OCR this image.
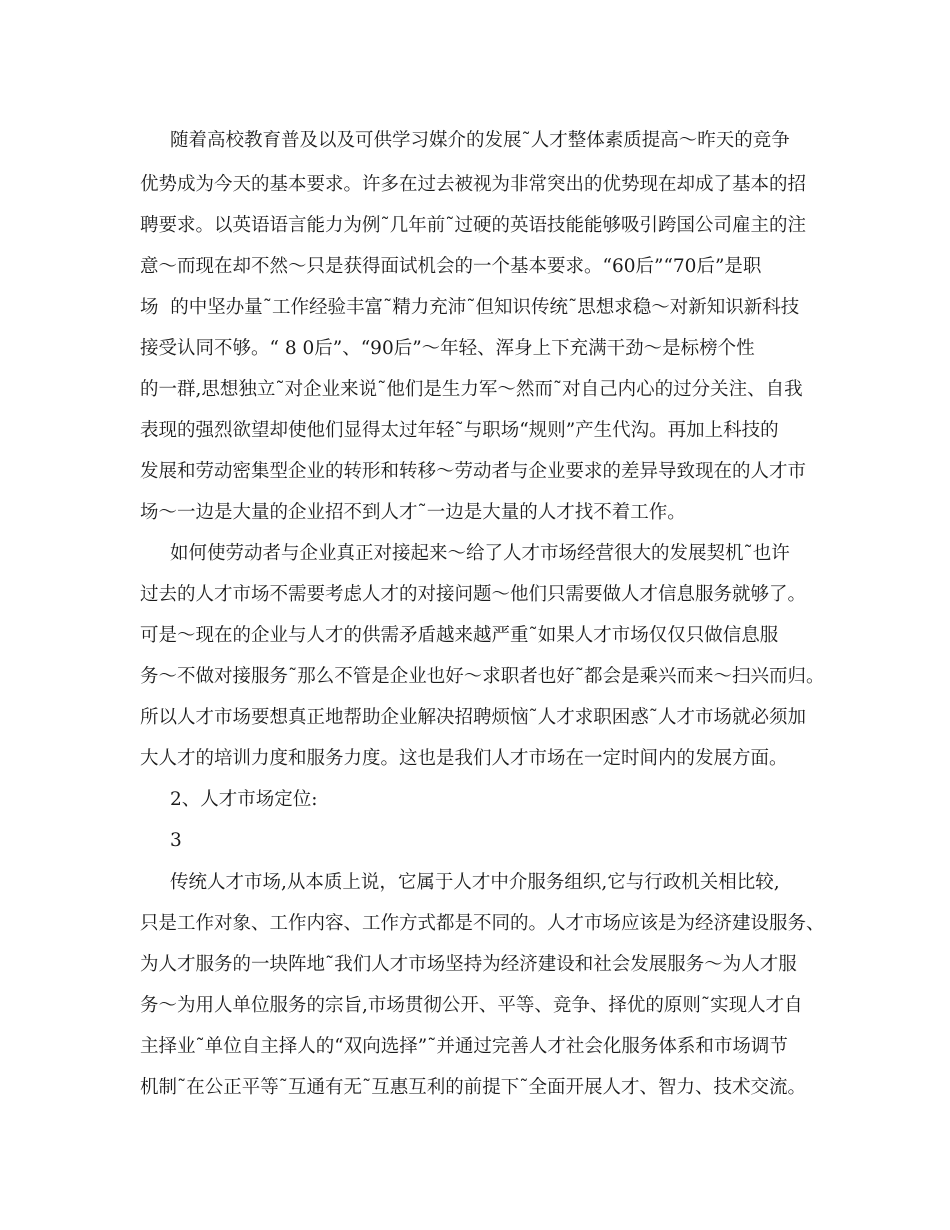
随着高校教育普及以及可供学习媒介的发展˜人才整体素质提高～昨天的竞争
优势成为今天的基本要求。许多在过去被视为非常突出的优势现在却成了基本的招
聘要求。以英语语言能力为例˜几年前˜过硬的英语技能能够吸引跨国公司雇主的注
意～而现在却不然～只是获得面试机会的一个基本要求。“60后”“70后”是职
场  的中坚办量˜工作经验丰富˜精力充沛˜但知识传统˜思想求稳～对新知识新科技
接受认同不够。“ 8 0后”、“90后”～年轻、浑身上下充满干劲～是标榜个性
的一群,思想独立˜对企业来说˜他们是生力军～然而˜对自己内心的过分关注、自我
表现的强烈欲望却使他们显得太过年轻˜与职场“规则”产生代沟。再加上科技的
发展和劳动密集型企业的转形和转移～劳动者与企业要求的差异导致现在的人才市
场～一边是大量的企业招不到人才˜一边是大量的人才找不着工作。
如何使劳动者与企业真正对接起来～给了人才市场经营很大的发展契机˜也许
过去的人才市场不需要考虑人才的对接问题～他们只需要做人才信息服务就够了。
可是～现在的企业与人才的供需矛盾越来越严重˜如果人才市场仅仅只做信息服
务～不做对接服务˜那么不管是企业也好～求职者也好˜都会是乘兴而来～扫兴而归。
所以人才市场要想真正地帮助企业解决招聘烦恼˜人才求职困惑˜人才市场就必须加
大人才的培训力度和服务力度。这也是我们人才市场在一定时间内的发展方面。
2、人才市场定位:
3
传统人才市场,从本质上说，它属于人才中介服务组织,它与行政机关相比较,
只是工作对象、工作内容、工作方式都是不同的。人才市场应该是为经济建设服务、
为人才服务的一块阵地˜我们人才市场坚持为经济建设和社会发展服务～为人才服
务～为用人单位服务的宗旨,市场贯彻公开、平等、竞争、择优的原则˜实现人才自
主择业˜单位自主择人的“双向选择”˜并通过完善人才社会化服务体系和市场调节
机制˜在公正平等˜互通有无˜互惠互利的前提下˜全面开展人才、智力、技术交流。
